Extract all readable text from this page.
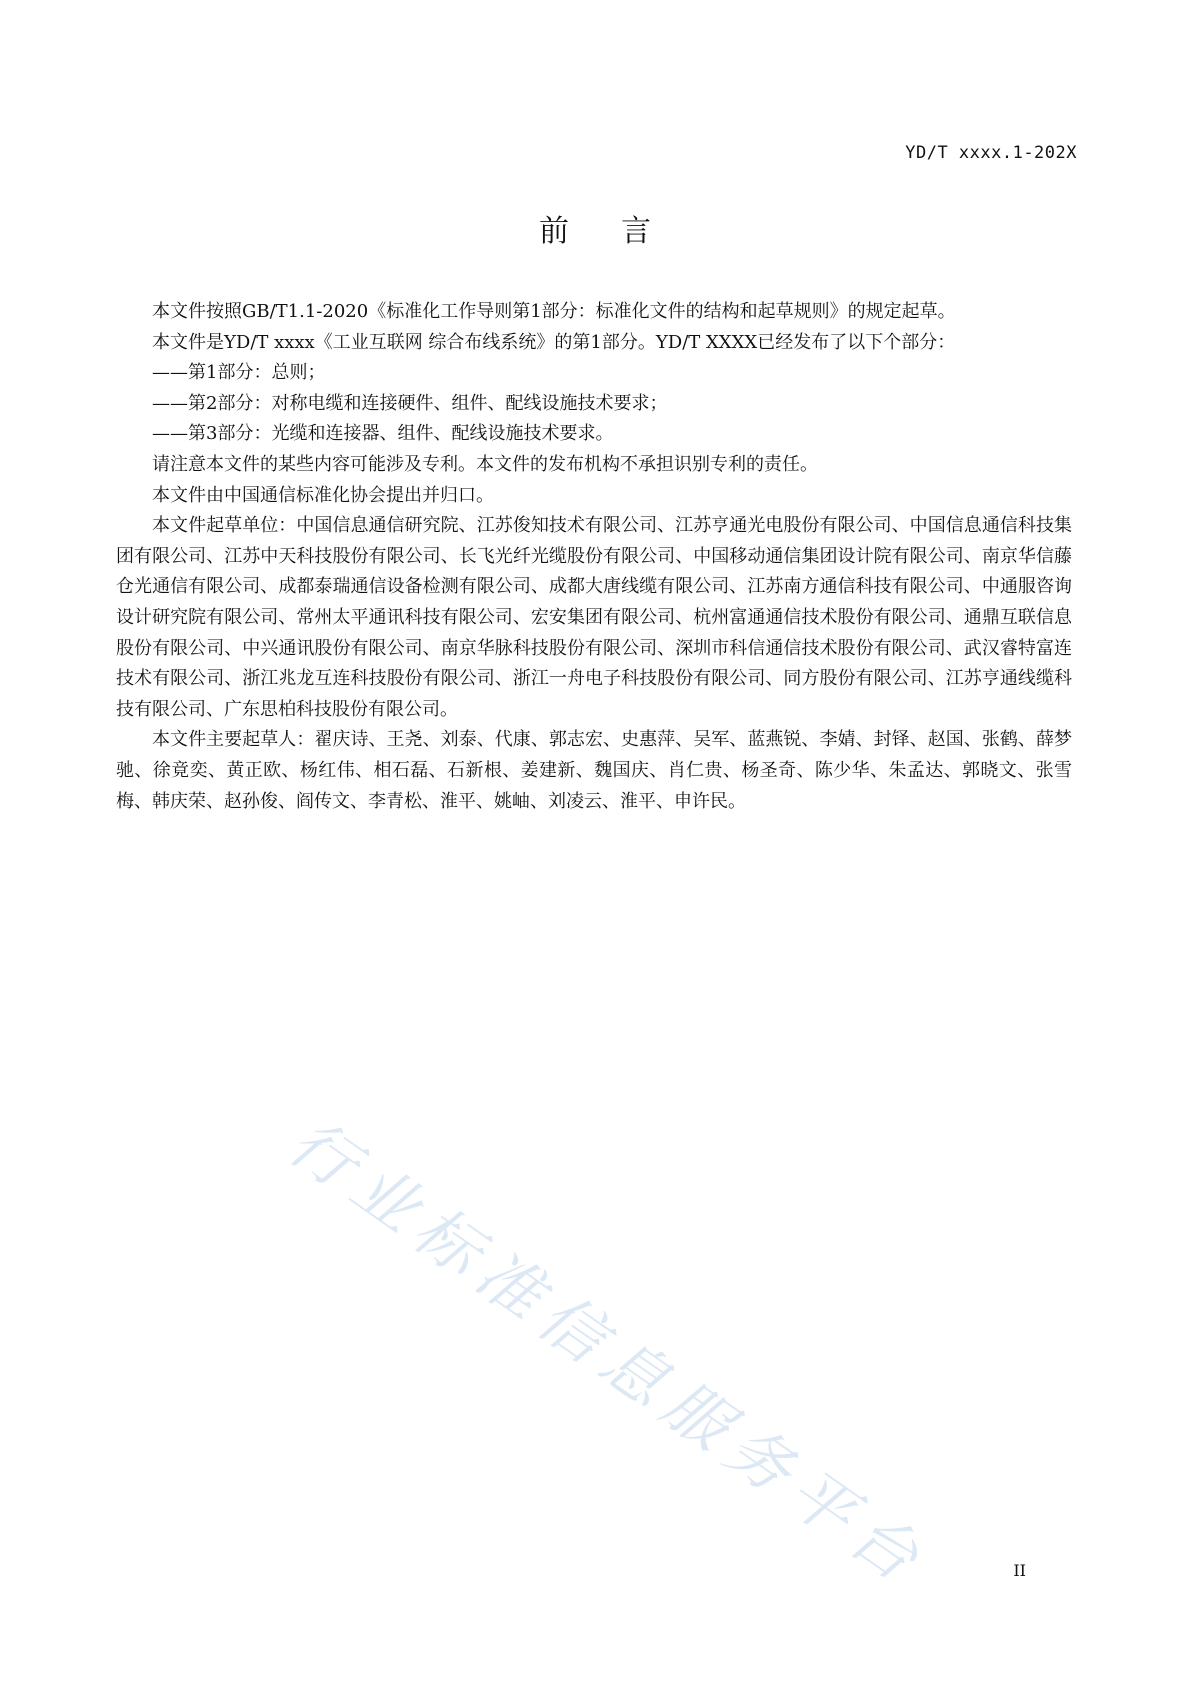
YD/T xxxx.1-202X
前言

本文件按照GB/T1.1-2020《标准化工作导则第1部分：标准化文件的结构和起草规则》的规定起草。

本文件是YD/T xxxx《工业互联网 综合布线系统》的第1部分。YD/T XXXX已经发布了以下个部分：

——第1部分：总则；

——第2部分：对称电缆和连接硬件、组件、配线设施技术要求；

——第3部分：光缆和连接器、组件、配线设施技术要求。

请注意本文件的某些内容可能涉及专利。本文件的发布机构不承担识别专利的责任。

本文件由中国通信标准化协会提出并归口。

本文件起草单位：中国信息通信研究院、江苏俊知技术有限公司、江苏亨通光电股份有限公司、中国信息通信科技集团有限公司、江苏中天科技股份有限公司、长飞光纤光缆股份有限公司、中国移动通信集团设计院有限公司、南京华信藤仓光通信有限公司、成都泰瑞通信设备检测有限公司、成都大唐线缆有限公司、江苏南方通信科技有限公司、中通服咨询设计研究院有限公司、常州太平通讯科技有限公司、宏安集团有限公司、杭州富通通信技术股份有限公司、通鼎互联信息股份有限公司、中兴通讯股份有限公司、南京华脉科技股份有限公司、深圳市科信通信技术股份有限公司、武汉睿特富连技术有限公司、浙江兆龙互连科技股份有限公司、浙江一舟电子科技股份有限公司、同方股份有限公司、江苏亨通线缆科技有限公司、广东思柏科技股份有限公司。

本文件主要起草人：翟庆诗、王尧、刘泰、代康、郭志宏、史惠萍、吴军、蓝燕锐、李婧、封铎、赵国、张鹤、薛梦驰、徐竟奕、黄正欧、杨红伟、相石磊、石新根、姜建新、魏国庆、肖仁贵、杨圣奇、陈少华、朱孟达、郭晓文、张雪梅、韩庆荣、赵孙俊、阎传文、李青松、淮平、姚岫、刘凌云、淮平、申许民。

行业标准信息服务平台	II
